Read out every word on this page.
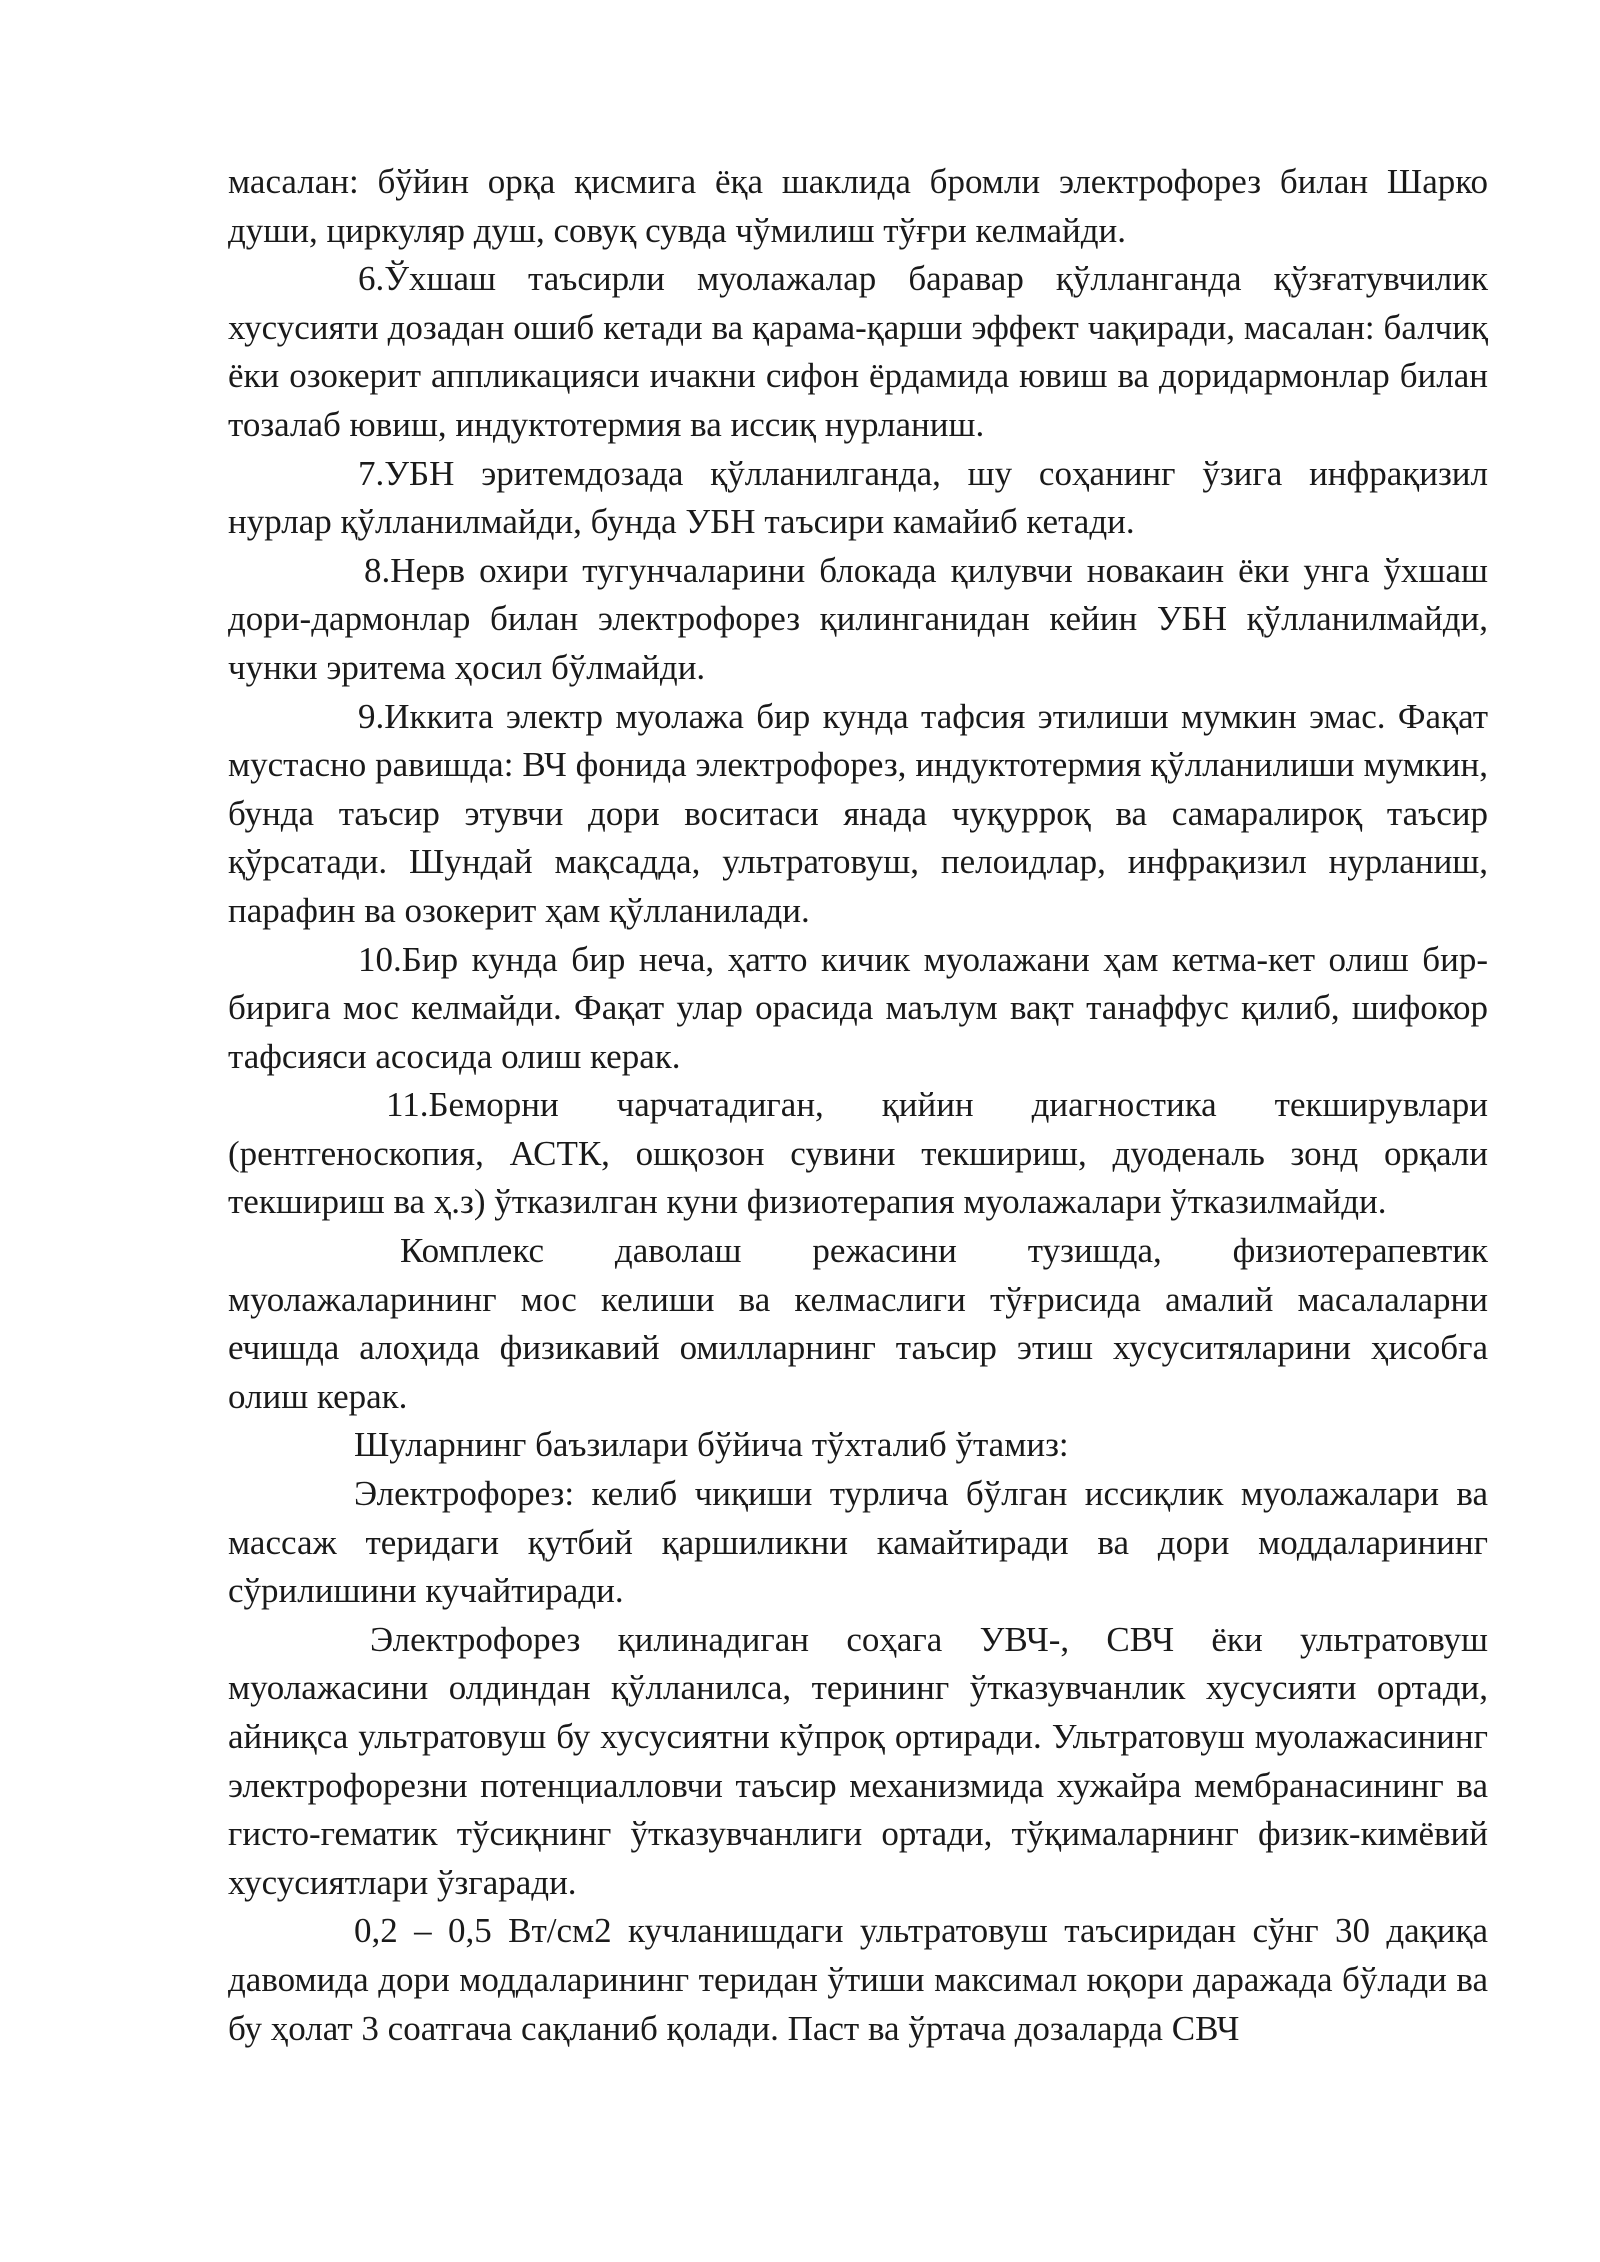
масалан: бўйин орқа қисмига ёқа шаклида бромли электрофорез билан Шарко души, циркуляр душ, совуқ сувда чўмилиш тўғри келмайди.

6.Ўхшаш таъсирли муолажалар баравар қўлланганда қўзғатувчилик хусусияти дозадан ошиб кетади ва қарама-қарши эффект чақиради, масалан: балчиқ ёки озокерит аппликацияси ичакни сифон ёрдамида ювиш ва доридармонлар билан тозалаб ювиш, индуктотермия ва иссиқ нурланиш.

7.УБН эритемдозада қўлланилганда, шу соҳанинг ўзига инфрақизил нурлар қўлланилмайди, бунда УБН таъсири камайиб кетади.

8.Нерв охири тугунчаларини блокада қилувчи новакаин ёки унга ўхшаш дори-дармонлар билан электрофорез қилинганидан кейин УБН қўлланилмайди, чунки эритема ҳосил бўлмайди.

9.Иккита электр муолажа бир кунда тафсия этилиши мумкин эмас. Фақат мустасно равишда: ВЧ фонида электрофорез, индуктотермия қўлланилиши мумкин, бунда таъсир этувчи дори воситаси янада чуқурроқ ва самаралироқ таъсир қўрсатади. Шундай мақсадда, ультратовуш, пелоидлар, инфрақизил нурланиш, парафин ва озокерит ҳам қўлланилади.

10.Бир кунда бир неча, ҳатто кичик муолажани ҳам кетма-кет олиш бир-бирига мос келмайди. Фақат улар орасида маълум вақт танаффус қилиб, шифокор тафсияси асосида олиш керак.

11.Беморни чарчатадиган, қийин диагностика текширувлари (рентгеноскопия, АСТК, ошқозон сувини текшириш, дуоденаль зонд орқали текшириш ва ҳ.з) ўтказилган куни физиотерапия муолажалари ўтказилмайди.

Комплекс даволаш режасини тузишда, физиотерапевтик муолажаларининг мос келиши ва келмаслиги тўғрисида амалий масалаларни ечишда алоҳида физикавий омилларнинг таъсир этиш хусуситяларини ҳисобга олиш керак.

Шуларнинг баъзилари бўйича тўхталиб ўтамиз:

Электрофорез: келиб чиқиши турлича бўлган иссиқлик муолажалари ва массаж теридаги қутбий қаршиликни камайтиради ва дори моддаларининг сўрилишини кучайтиради.

Электрофорез қилинадиган соҳага УВЧ-, СВЧ ёки ультратовуш муолажасини олдиндан қўлланилса, терининг ўтказувчанлик хусусияти ортади, айниқса ультратовуш бу хусусиятни кўпроқ ортиради. Ультратовуш муолажасининг электрофорезни потенциалловчи таъсир механизмида хужайра мембранасининг ва гисто-гематик тўсиқнинг ўтказувчанлиги ортади, тўқималарнинг физик-кимёвий хусусиятлари ўзгаради.

0,2 – 0,5 Вт/см2 кучланишдаги ультратовуш таъсиридан сўнг 30 дақиқа давомида дори моддаларининг теридан ўтиши максимал юқори даражада бўлади ва бу ҳолат 3 соатгача сақланиб қолади. Паст ва ўртача дозаларда СВЧ
